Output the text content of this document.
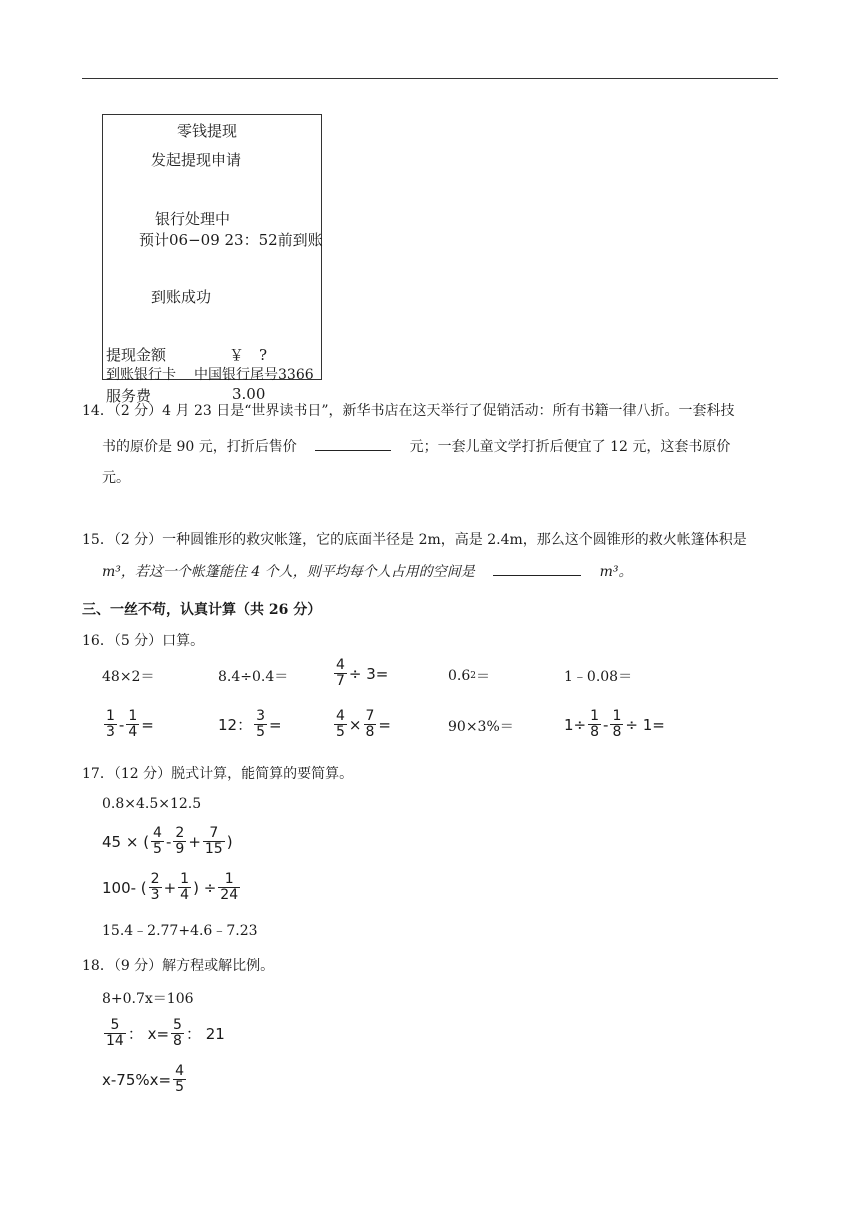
零钱提现
发起提现申请
银行处理中
预计06−09 23：52前到账
到账成功
提现金额	￥　?
到账银行卡 中国银行尾号3366
服务费	3.00
14．（2 分）4 月 23 日是“世界读书日”，新华书店在这天举行了促销活动：所有书籍一律八折。一套科技
书的原价是 90 元，打折后售价	元；一套儿童文学打折后便宜了 12 元，这套书原价
元。
15．（2 分）一种圆锥形的救灾帐篷，它的底面半径是 2m，高是 2.4m，那么这个圆锥形的救火帐篷体积是
m³，若这一个帐篷能住 4 个人，则平均每个人占用的空间是	m³。
三、一丝不苟，认真计算（共 26 分）
16．（5 分）口算。
48×2＝	8.4÷0.4＝	$\frac{4}{7} \div 3=$	0.6 2 ＝	1﹣0.08＝
$\frac{1}{3} - \frac{1}{4}$ =	12： $\frac{3}{5}$ =	$\frac{4}{5} \times \frac{7}{8}$ =	90×3%＝	$1\div \frac{1}{8} - \frac{1}{8} \div 1=$
17．（12 分）脱式计算，能简算的要简算。
0.8×4.5×12.5
45 × ( $\frac{4}{5} - \frac{2}{9} + \frac{7}{15}$ )
100- ( $\frac{2}{3} + \frac{1}{4}$ ) ÷ $\frac{1}{24}$
15.4﹣2.77+4.6﹣7.23
18．（9 分）解方程或解比例。
8+0.7x＝106
$\frac{5}{14}$ ： $x= \frac{5}{8}$ ： 21
$x-75\%x= \frac{4}{5}$
